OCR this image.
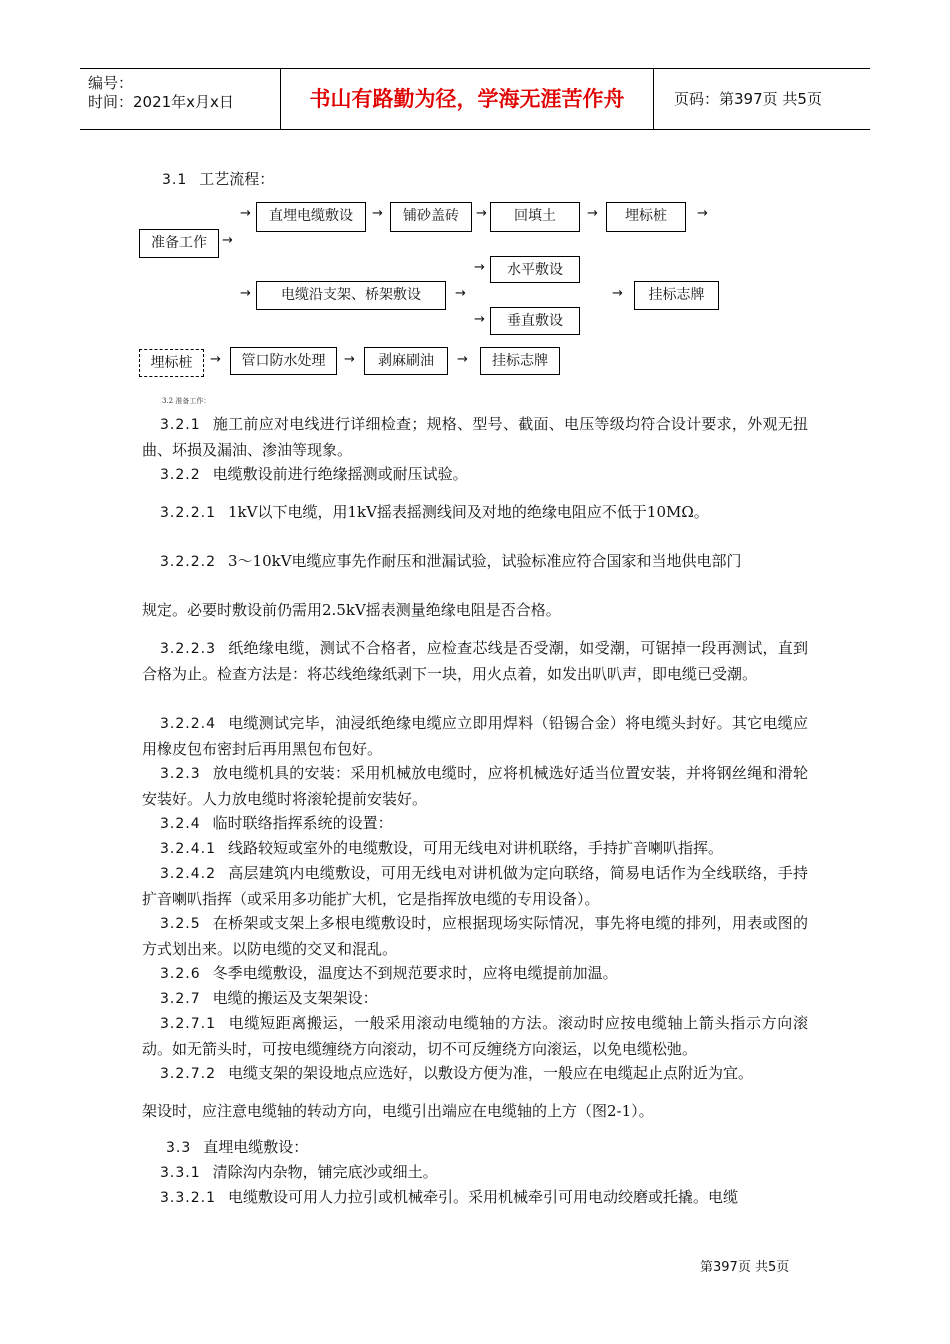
编号：
时间：2021年x月x日	书山有路勤为径，学海无涯苦作舟	页码：第397页 共5页
3.1 工艺流程：
→	直埋电缆敷设	→	铺砂盖砖	→	回填土	→	埋标桩	→
准备工作	→
水平敷设
→
→	电缆沿支架、桥架敷设	→	→	挂标志牌
→	垂直敷设
埋标桩	→	管口防水处理	→	剥麻刷油	→	挂标志牌
3.2 准备工作：

3.2.1 施工前应对电线进行详细检查；规格、型号、截面、电压等级均符合设计要求，外观无扭曲、坏损及漏油、渗油等现象。

3.2.2 电缆敷设前进行绝缘摇测或耐压试验。

3.2.2.1 1kV以下电缆，用1kV摇表摇测线间及对地的绝缘电阻应不低于10MΩ。

3.2.2.2 3～10kV电缆应事先作耐压和泄漏试验，试验标准应符合国家和当地供电部门

规定。必要时敷设前仍需用2.5kV摇表测量绝缘电阻是否合格。

3.2.2.3 纸绝缘电缆，测试不合格者，应检查芯线是否受潮，如受潮，可锯掉一段再测试，直到合格为止。检查方法是：将芯线绝缘纸剥下一块，用火点着，如发出叭叭声，即电缆已受潮。

3.2.2.4 电缆测试完毕，油浸纸绝缘电缆应立即用焊料（铅锡合金）将电缆头封好。其它电缆应用橡皮包布密封后再用黑包布包好。

3.2.3 放电缆机具的安装：采用机械放电缆时，应将机械选好适当位置安装，并将钢丝绳和滑轮安装好。人力放电缆时将滚轮提前安装好。

3.2.4 临时联络指挥系统的设置：

3.2.4.1 线路较短或室外的电缆敷设，可用无线电对讲机联络，手持扩音喇叭指挥。

3.2.4.2 高层建筑内电缆敷设，可用无线电对讲机做为定向联络，简易电话作为全线联络，手持扩音喇叭指挥（或采用多功能扩大机，它是指挥放电缆的专用设备）。

3.2.5 在桥架或支架上多根电缆敷设时，应根据现场实际情况，事先将电缆的排列，用表或图的方式划出来。以防电缆的交叉和混乱。

3.2.6 冬季电缆敷设，温度达不到规范要求时，应将电缆提前加温。

3.2.7 电缆的搬运及支架架设：

3.2.7.1 电缆短距离搬运，一般采用滚动电缆轴的方法。滚动时应按电缆轴上箭头指示方向滚动。如无箭头时，可按电缆缠绕方向滚动，切不可反缠绕方向滚运，以免电缆松弛。

3.2.7.2 电缆支架的架设地点应选好，以敷设方便为准，一般应在电缆起止点附近为宜。

架设时，应注意电缆轴的转动方向，电缆引出端应在电缆轴的上方（图2-1）。

3.3 直埋电缆敷设：

3.3.1 清除沟内杂物，铺完底沙或细土。

3.3.2.1 电缆敷设可用人力拉引或机械牵引。采用机械牵引可用电动绞磨或托撬。电缆

第397页 共5页
